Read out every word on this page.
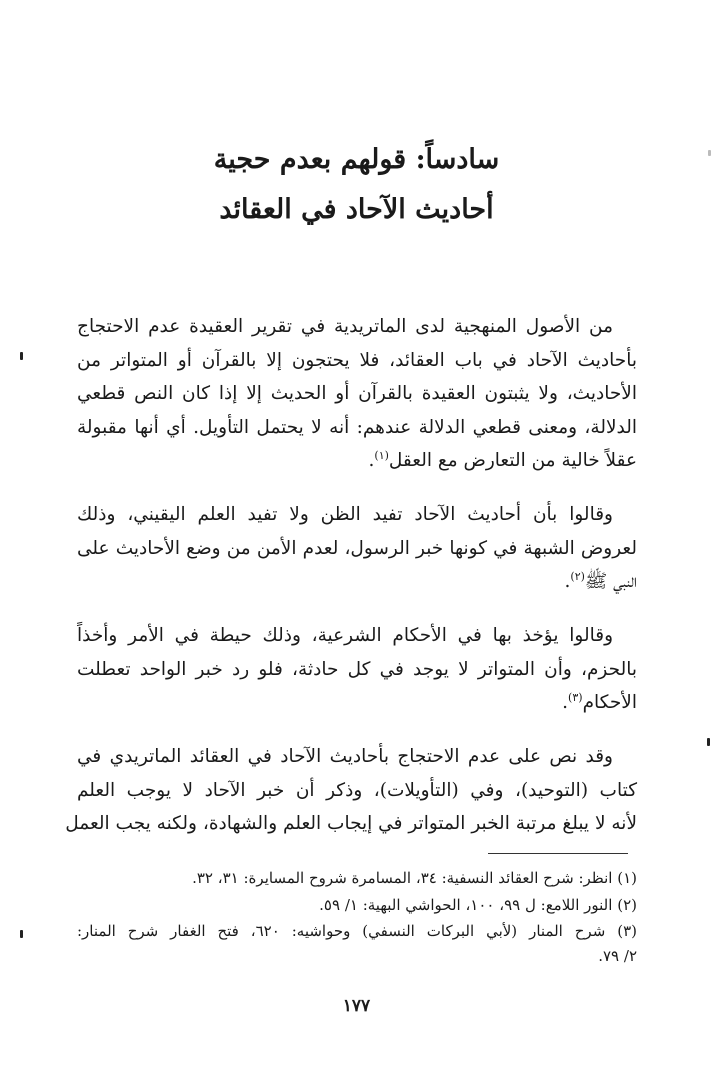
سادساً: قولهم بعدم حجية
أحاديث الآحاد في العقائد
من الأصول المنهجية لدى الماتريدية في تقرير العقيدة عدم الاحتجاج
بأحاديث الآحاد في باب العقائد، فلا يحتجون إلا بالقرآن أو المتواتر من
الأحاديث، ولا يثبتون العقيدة بالقرآن أو الحديث إلا إذا كان النص قطعي
الدلالة، ومعنى قطعي الدلالة عندهم: أنه لا يحتمل التأويل. أي أنها مقبولة
عقلاً خالية من التعارض مع العقل$^{(١)}$.
وقالوا بأن أحاديث الآحاد تفيد الظن ولا تفيد العلم اليقيني، وذلك
لعروض الشبهة في كونها خبر الرسول، لعدم الأمن من وضع الأحاديث على
النبي ﷺ$^{(٢)}$.
وقالوا يؤخذ بها في الأحكام الشرعية، وذلك حيطة في الأمر وأخذاً
بالحزم، وأن المتواتر لا يوجد في كل حادثة، فلو رد خبر الواحد تعطلت
الأحكام$^{(٣)}$.
وقد نص على عدم الاحتجاج بأحاديث الآحاد في العقائد الماتريدي في
كتاب (التوحيد)، وفي (التأويلات)، وذكر أن خبر الآحاد لا يوجب العلم
لأنه لا يبلغ مرتبة الخبر المتواتر في إيجاب العلم والشهادة، ولكنه يجب العمل
(١) انظر: شرح العقائد النسفية: ٣٤، المسامرة شروح المسايرة: ٣١، ٣٢.
(٢) النور اللامع: ل ٩٩، ١٠٠، الحواشي البهية: ١/ ٥٩.
(٣) شرح المنار (لأبي البركات النسفي) وحواشيه: ٦٢٠، فتح الغفار شرح المنار:
٢/ ٧٩.
١٧٧
